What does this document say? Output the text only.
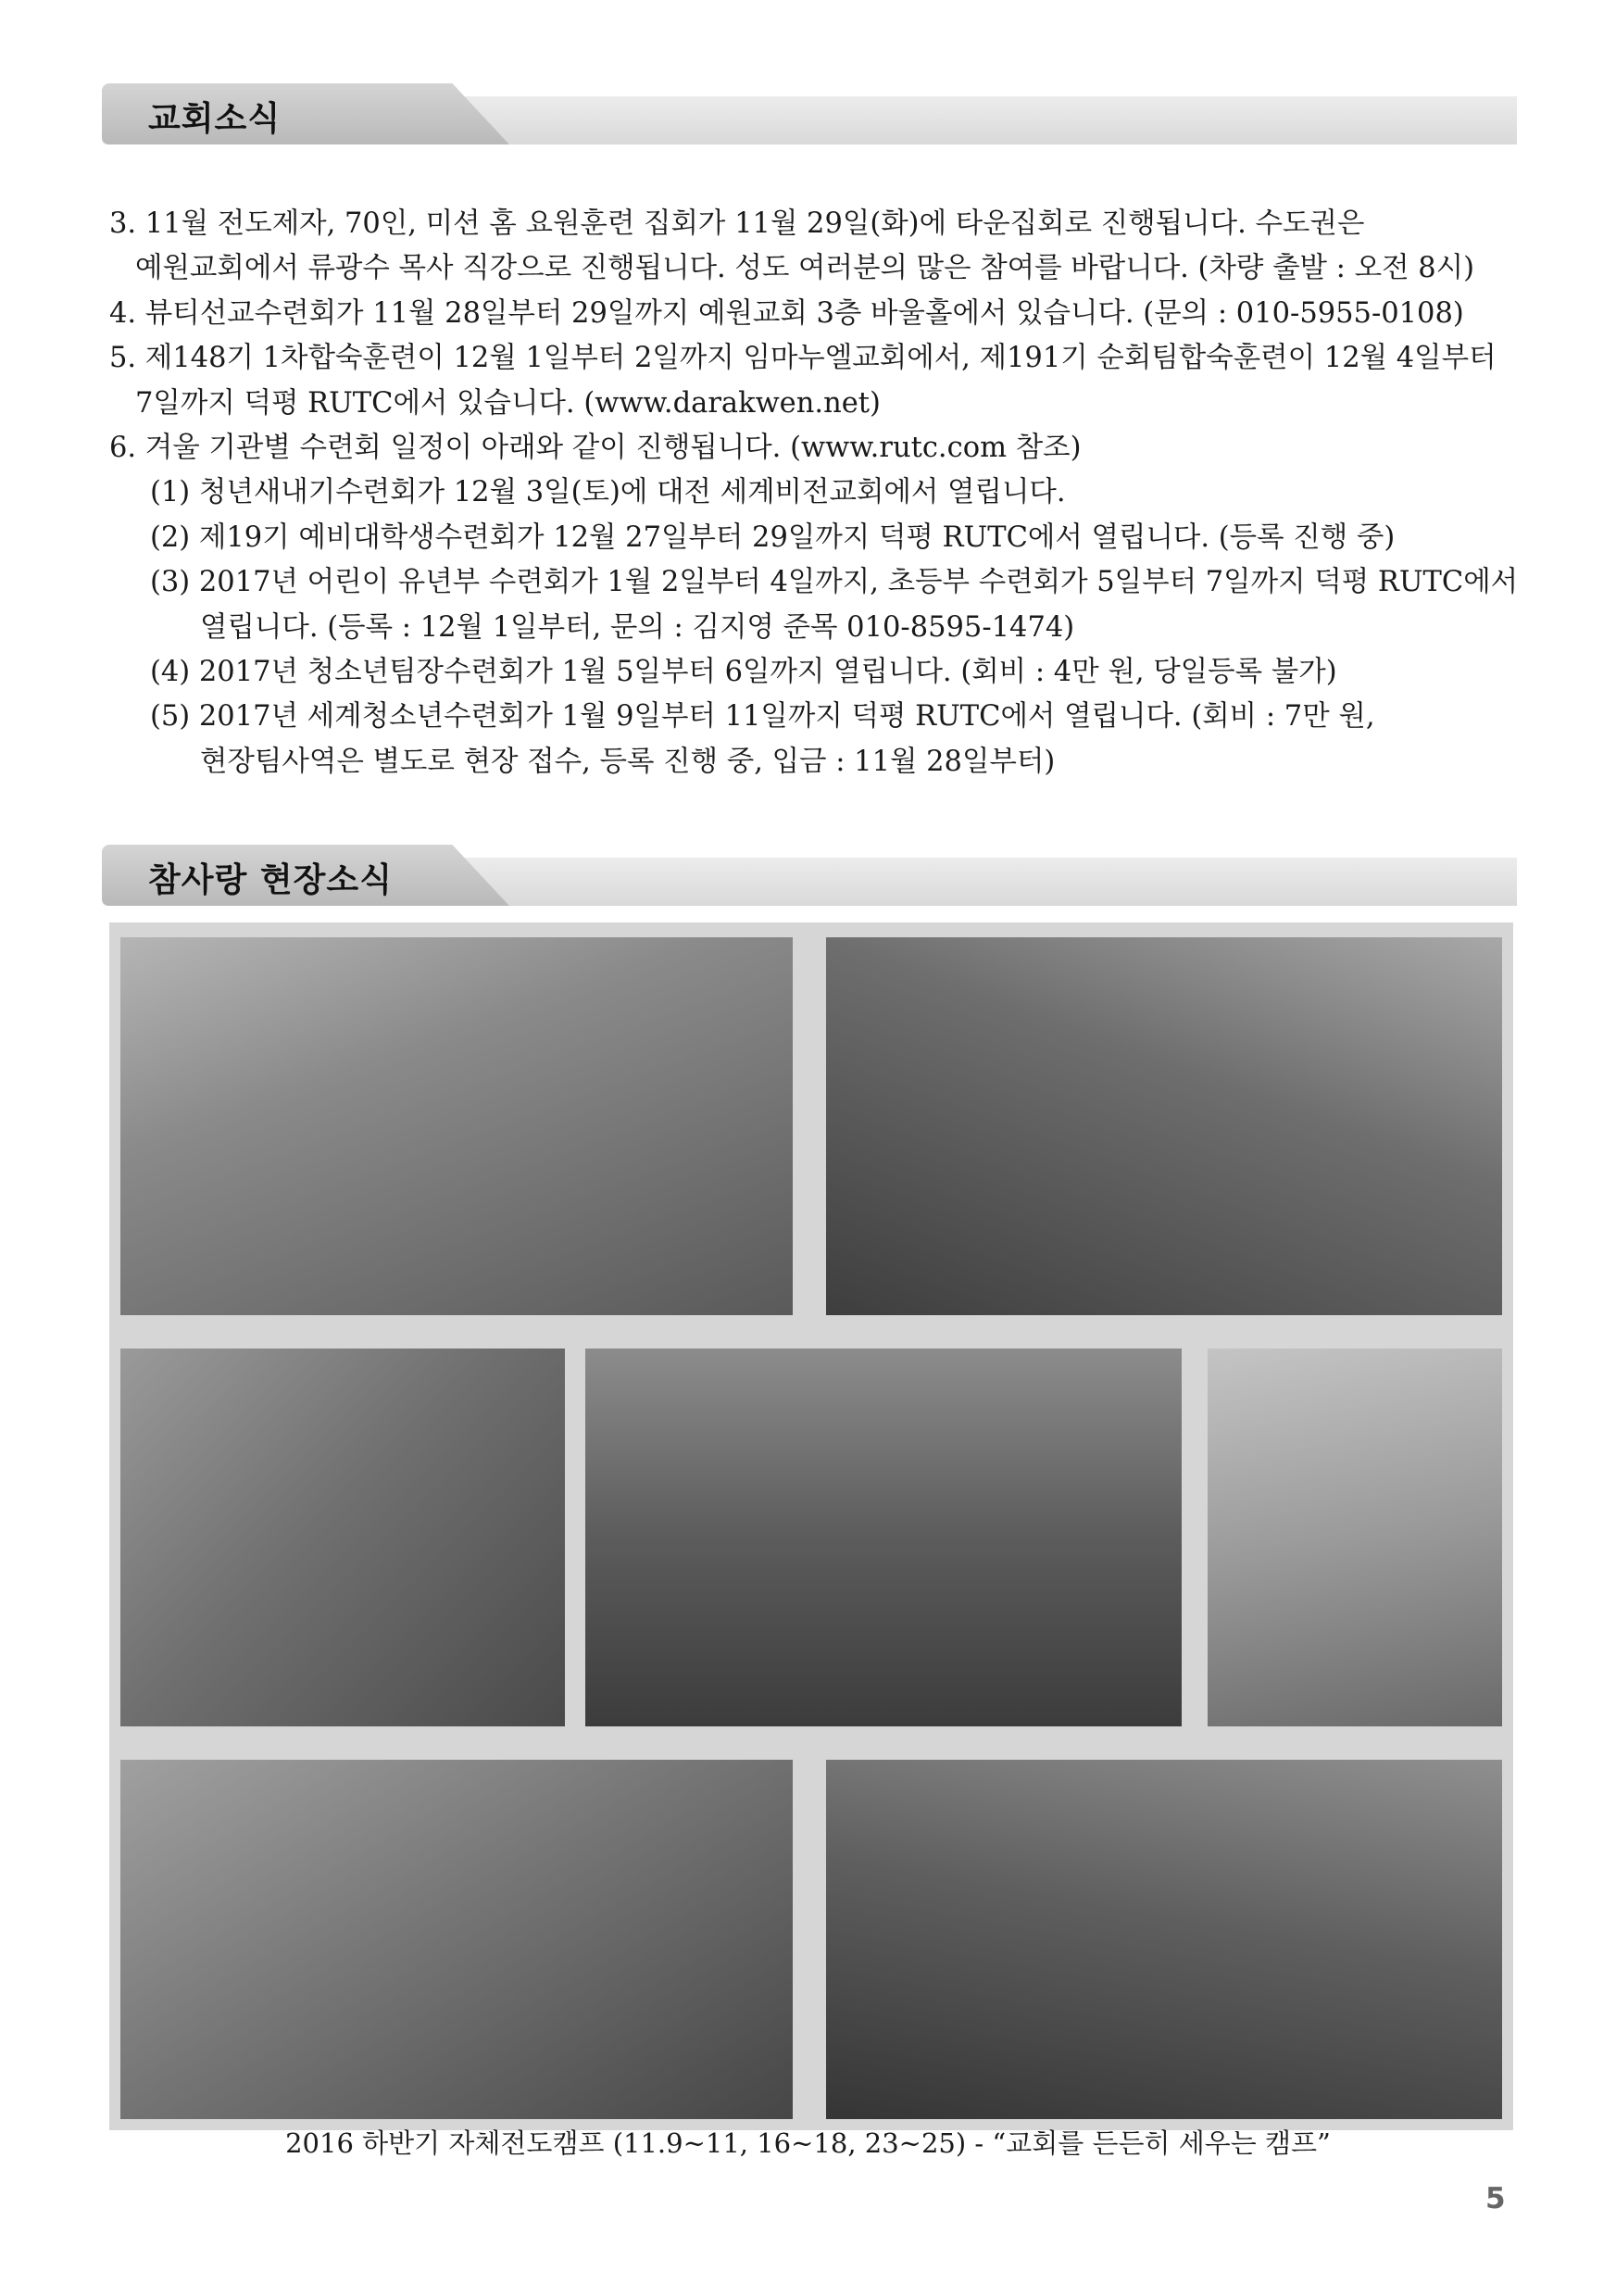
교회소식
3. 11월 전도제자, 70인, 미션 홈 요원훈련 집회가 11월 29일(화)에 타운집회로 진행됩니다. 수도권은
예원교회에서 류광수 목사 직강으로 진행됩니다. 성도 여러분의 많은 참여를 바랍니다. (차량 출발 : 오전 8시)
4. 뷰티선교수련회가 11월 28일부터 29일까지 예원교회 3층 바울홀에서 있습니다. (문의 : 010-5955-0108)
5. 제148기 1차합숙훈련이 12월 1일부터 2일까지 임마누엘교회에서, 제191기 순회팀합숙훈련이 12월 4일부터
7일까지 덕평 RUTC에서 있습니다. (www.darakwen.net)
6. 겨울 기관별 수련회 일정이 아래와 같이 진행됩니다. (www.rutc.com 참조)
(1) 청년새내기수련회가 12월 3일(토)에 대전 세계비전교회에서 열립니다.
(2) 제19기 예비대학생수련회가 12월 27일부터 29일까지 덕평 RUTC에서 열립니다. (등록 진행 중)
(3) 2017년 어린이 유년부 수련회가 1월 2일부터 4일까지, 초등부 수련회가 5일부터 7일까지 덕평 RUTC에서
열립니다. (등록 : 12월 1일부터, 문의 : 김지영 준목 010-8595-1474)
(4) 2017년 청소년팀장수련회가 1월 5일부터 6일까지 열립니다. (회비 : 4만 원, 당일등록 불가)
(5) 2017년 세계청소년수련회가 1월 9일부터 11일까지 덕평 RUTC에서 열립니다. (회비 : 7만 원,
현장팀사역은 별도로 현장 접수, 등록 진행 중, 입금 : 11월 28일부터)
참사랑 현장소식
2016 하반기 자체전도캠프 (11.9~11, 16~18, 23~25) - “교회를 든든히 세우는 캠프”
5
